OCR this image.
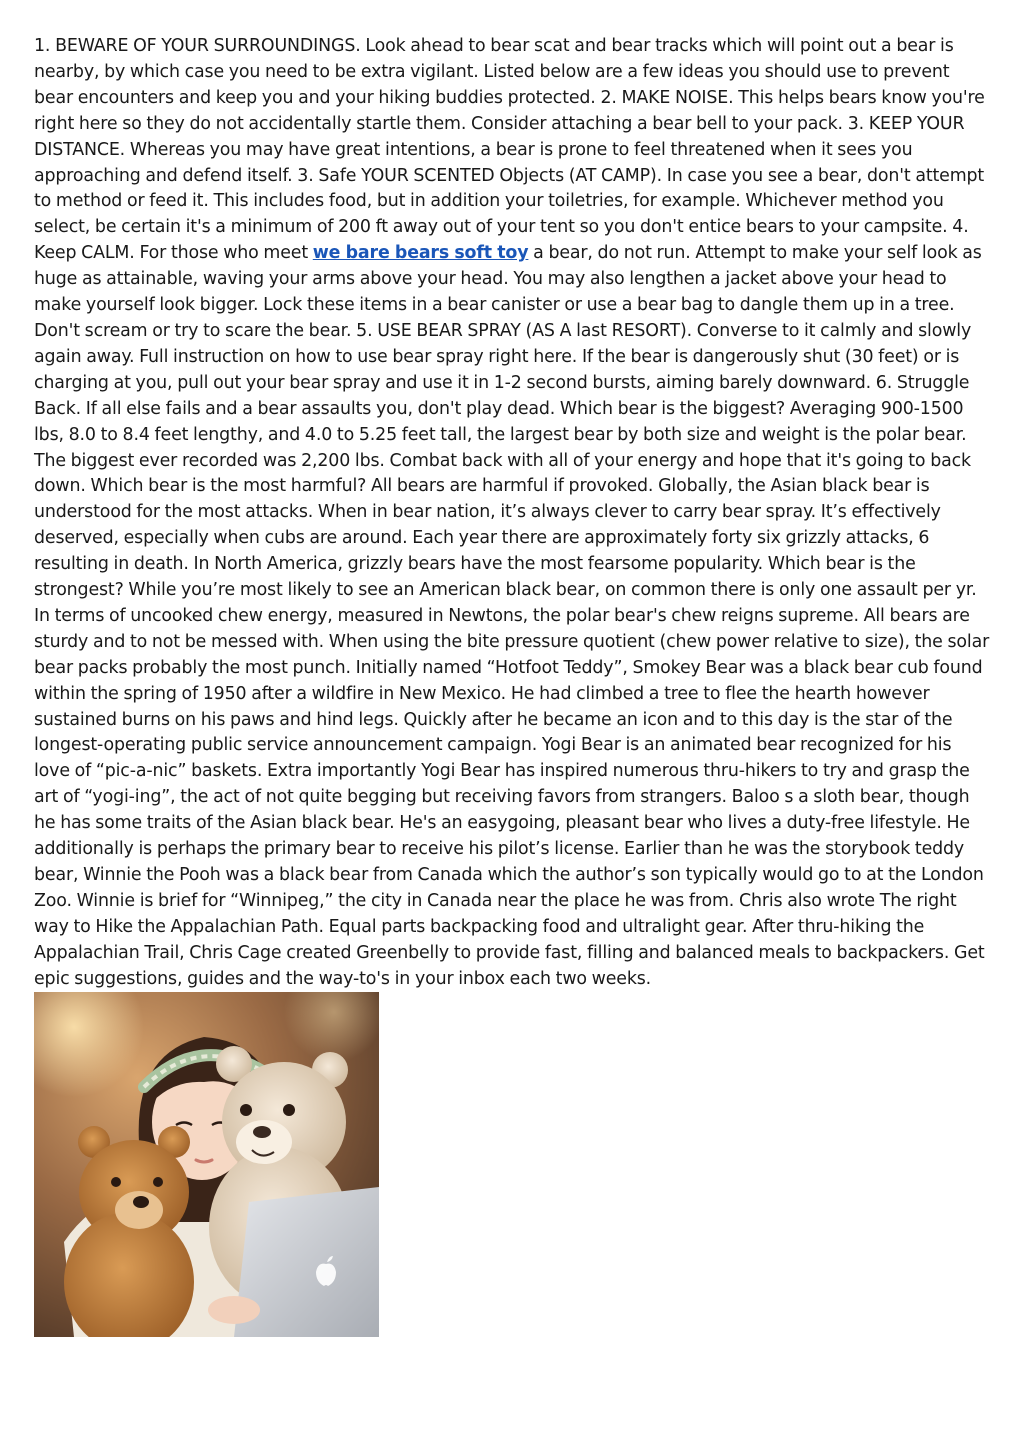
1. BEWARE OF YOUR SURROUNDINGS. Look ahead to bear scat and bear tracks which will point out a bear is nearby, by which case you need to be extra vigilant. Listed below are a few ideas you should use to prevent bear encounters and keep you and your hiking buddies protected. 2. MAKE NOISE. This helps bears know you're right here so they do not accidentally startle them. Consider attaching a bear bell to your pack. 3. KEEP YOUR DISTANCE. Whereas you may have great intentions, a bear is prone to feel threatened when it sees you approaching and defend itself. 3. Safe YOUR SCENTED Objects (AT CAMP). In case you see a bear, don't attempt to method or feed it. This includes food, but in addition your toiletries, for example. Whichever method you select, be certain it's a minimum of 200 ft away out of your tent so you don't entice bears to your campsite. 4. Keep CALM. For those who meet we bare bears soft toy a bear, do not run. Attempt to make your self look as huge as attainable, waving your arms above your head. You may also lengthen a jacket above your head to make yourself look bigger. Lock these items in a bear canister or use a bear bag to dangle them up in a tree. Don't scream or try to scare the bear. 5. USE BEAR SPRAY (AS A last RESORT). Converse to it calmly and slowly again away. Full instruction on how to use bear spray right here. If the bear is dangerously shut (30 feet) or is charging at you, pull out your bear spray and use it in 1-2 second bursts, aiming barely downward. 6. Struggle Back. If all else fails and a bear assaults you, don't play dead. Which bear is the biggest? Averaging 900-1500 lbs, 8.0 to 8.4 feet lengthy, and 4.0 to 5.25 feet tall, the largest bear by both size and weight is the polar bear. The biggest ever recorded was 2,200 lbs. Combat back with all of your energy and hope that it's going to back down. Which bear is the most harmful? All bears are harmful if provoked. Globally, the Asian black bear is understood for the most attacks. When in bear nation, it’s always clever to carry bear spray. It’s effectively deserved, especially when cubs are around. Each year there are approximately forty six grizzly attacks, 6 resulting in death. In North America, grizzly bears have the most fearsome popularity. Which bear is the strongest? While you’re most likely to see an American black bear, on common there is only one assault per yr. In terms of uncooked chew energy, measured in Newtons, the polar bear's chew reigns supreme. All bears are sturdy and to not be messed with. When using the bite pressure quotient (chew power relative to size), the solar bear packs probably the most punch. Initially named “Hotfoot Teddy”, Smokey Bear was a black bear cub found within the spring of 1950 after a wildfire in New Mexico. He had climbed a tree to flee the hearth however sustained burns on his paws and hind legs. Quickly after he became an icon and to this day is the star of the longest-operating public service announcement campaign. Yogi Bear is an animated bear recognized for his love of “pic-a-nic” baskets. Extra importantly Yogi Bear has inspired numerous thru-hikers to try and grasp the art of “yogi-ing”, the act of not quite begging but receiving favors from strangers. Baloo s a sloth bear, though he has some traits of the Asian black bear. He's an easygoing, pleasant bear who lives a duty-free lifestyle. He additionally is perhaps the primary bear to receive his pilot’s license. Earlier than he was the storybook teddy bear, Winnie the Pooh was a black bear from Canada which the author’s son typically would go to at the London Zoo. Winnie is brief for “Winnipeg,” the city in Canada near the place he was from. Chris also wrote The right way to Hike the Appalachian Path. Equal parts backpacking food and ultralight gear. After thru-hiking the Appalachian Trail, Chris Cage created Greenbelly to provide fast, filling and balanced meals to backpackers. Get epic suggestions, guides and the way-to's in your inbox each two weeks.
